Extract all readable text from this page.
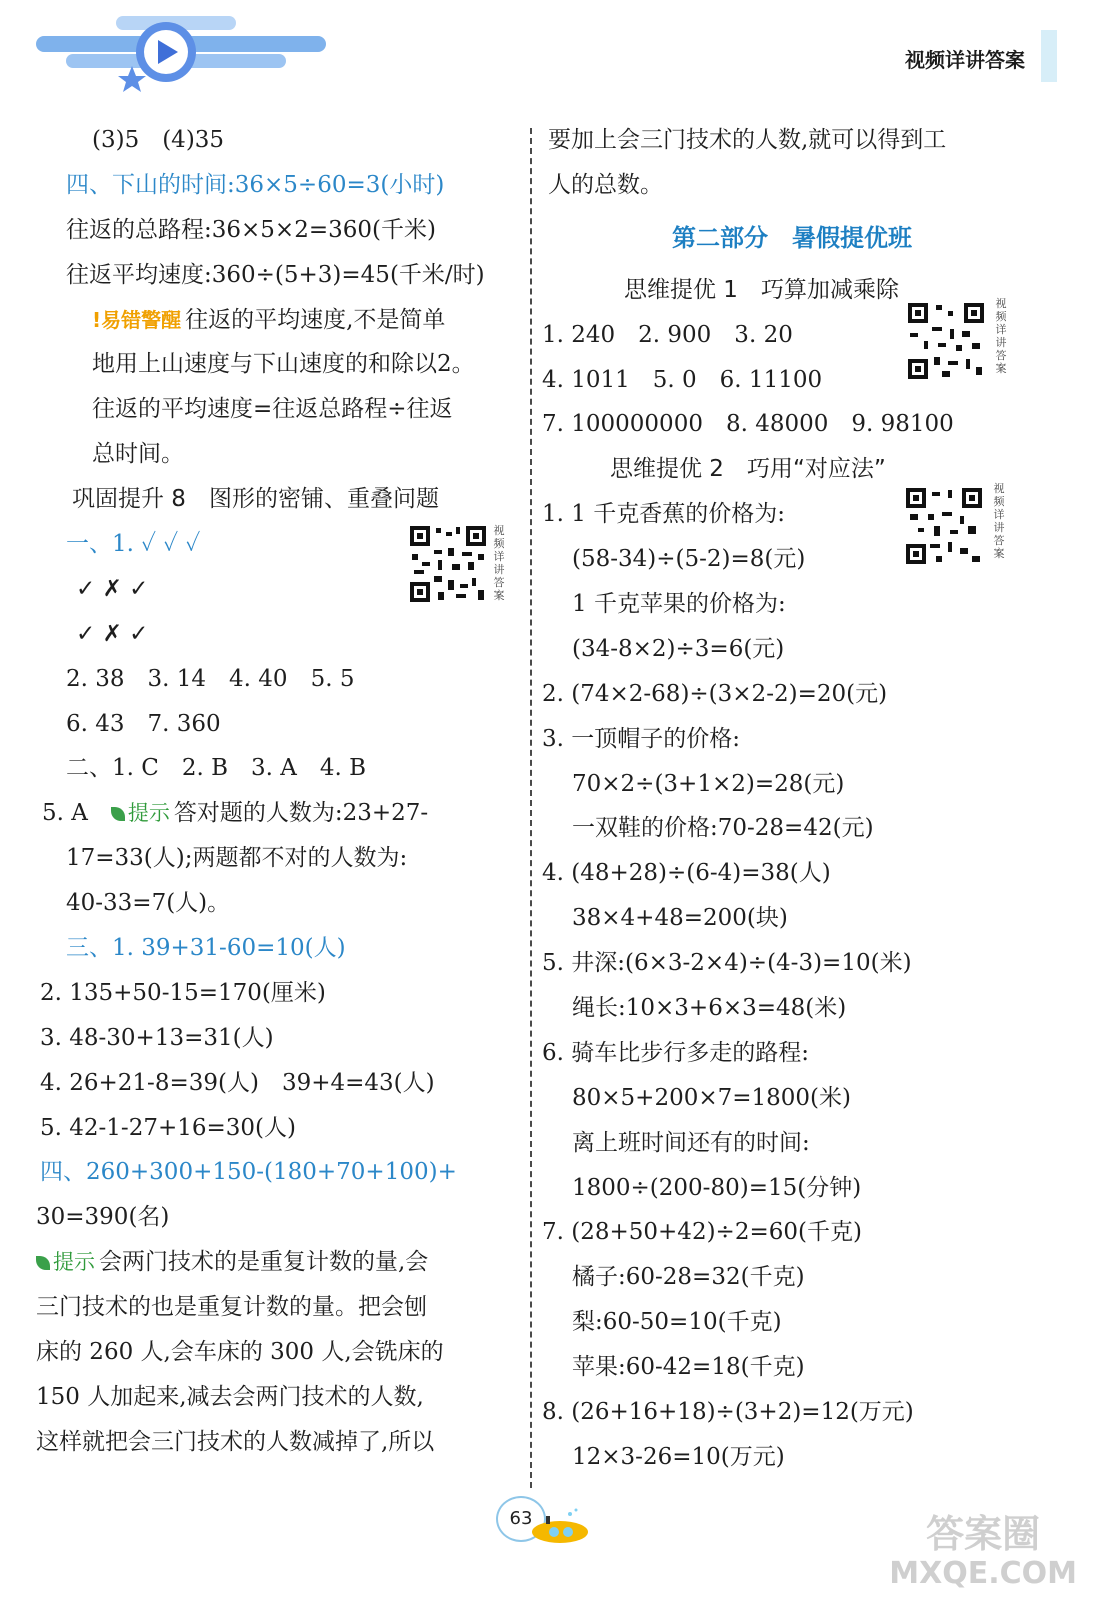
视频详讲答案
(3)5　(4)35
四、下山的时间:36×5÷60=3(小时)
往返的总路程:36×5×2=360(千米)
往返平均速度:360÷(5+3)=45(千米/时)
!易错警醒 往返的平均速度,不是简单
地用上山速度与下山速度的和除以2。
往返的平均速度=往返总路程÷往返
总时间。
巩固提升 8　图形的密铺、重叠问题
一、1. ✓ ✓ ✓
✓ ✗ ✓
✓ ✗ ✓
2. 38　3. 14　4. 40　5. 5
6. 43　7. 360
二、1. C　2. B　3. A　4. B
视频详讲答案
5. A　 提示 答对题的人数为:23+27-
17=33(人);两题都不对的人数为:
40-33=7(人)。
三、1. 39+31-60=10(人)
2. 135+50-15=170(厘米)
3. 48-30+13=31(人)
4. 26+21-8=39(人)　39+4=43(人)
5. 42-1-27+16=30(人)
四、260+300+150-(180+70+100)+
30=390(名)
提示 会两门技术的是重复计数的量,会
三门技术的也是重复计数的量。把会刨
床的 260 人,会车床的 300 人,会铣床的
150 人加起来,减去会两门技术的人数,
这样就把会三门技术的人数减掉了,所以
要加上会三门技术的人数,就可以得到工
人的总数。
第二部分　暑假提优班
思维提优 1　巧算加减乘除
1. 240　2. 900　3. 20
4. 1011　5. 0　6. 11100
7. 100000000　8. 48000　9. 98100
视频详讲答案
思维提优 2　巧用“对应法”
1. 1 千克香蕉的价格为:
(58-34)÷(5-2)=8(元)
1 千克苹果的价格为:
(34-8×2)÷3=6(元)
2. (74×2-68)÷(3×2-2)=20(元)
3. 一顶帽子的价格:
70×2÷(3+1×2)=28(元)
一双鞋的价格:70-28=42(元)
4. (48+28)÷(6-4)=38(人)
38×4+48=200(块)
5. 井深:(6×3-2×4)÷(4-3)=10(米)
绳长:10×3+6×3=48(米)
6. 骑车比步行多走的路程:
80×5+200×7=1800(米)
离上班时间还有的时间:
1800÷(200-80)=15(分钟)
7. (28+50+42)÷2=60(千克)
橘子:60-28=32(千克)
梨:60-50=10(千克)
苹果:60-42=18(千克)
8. (26+16+18)÷(3+2)=12(万元)
12×3-26=10(万元)
视频详讲答案
63	答案圈
MXQE.COM
